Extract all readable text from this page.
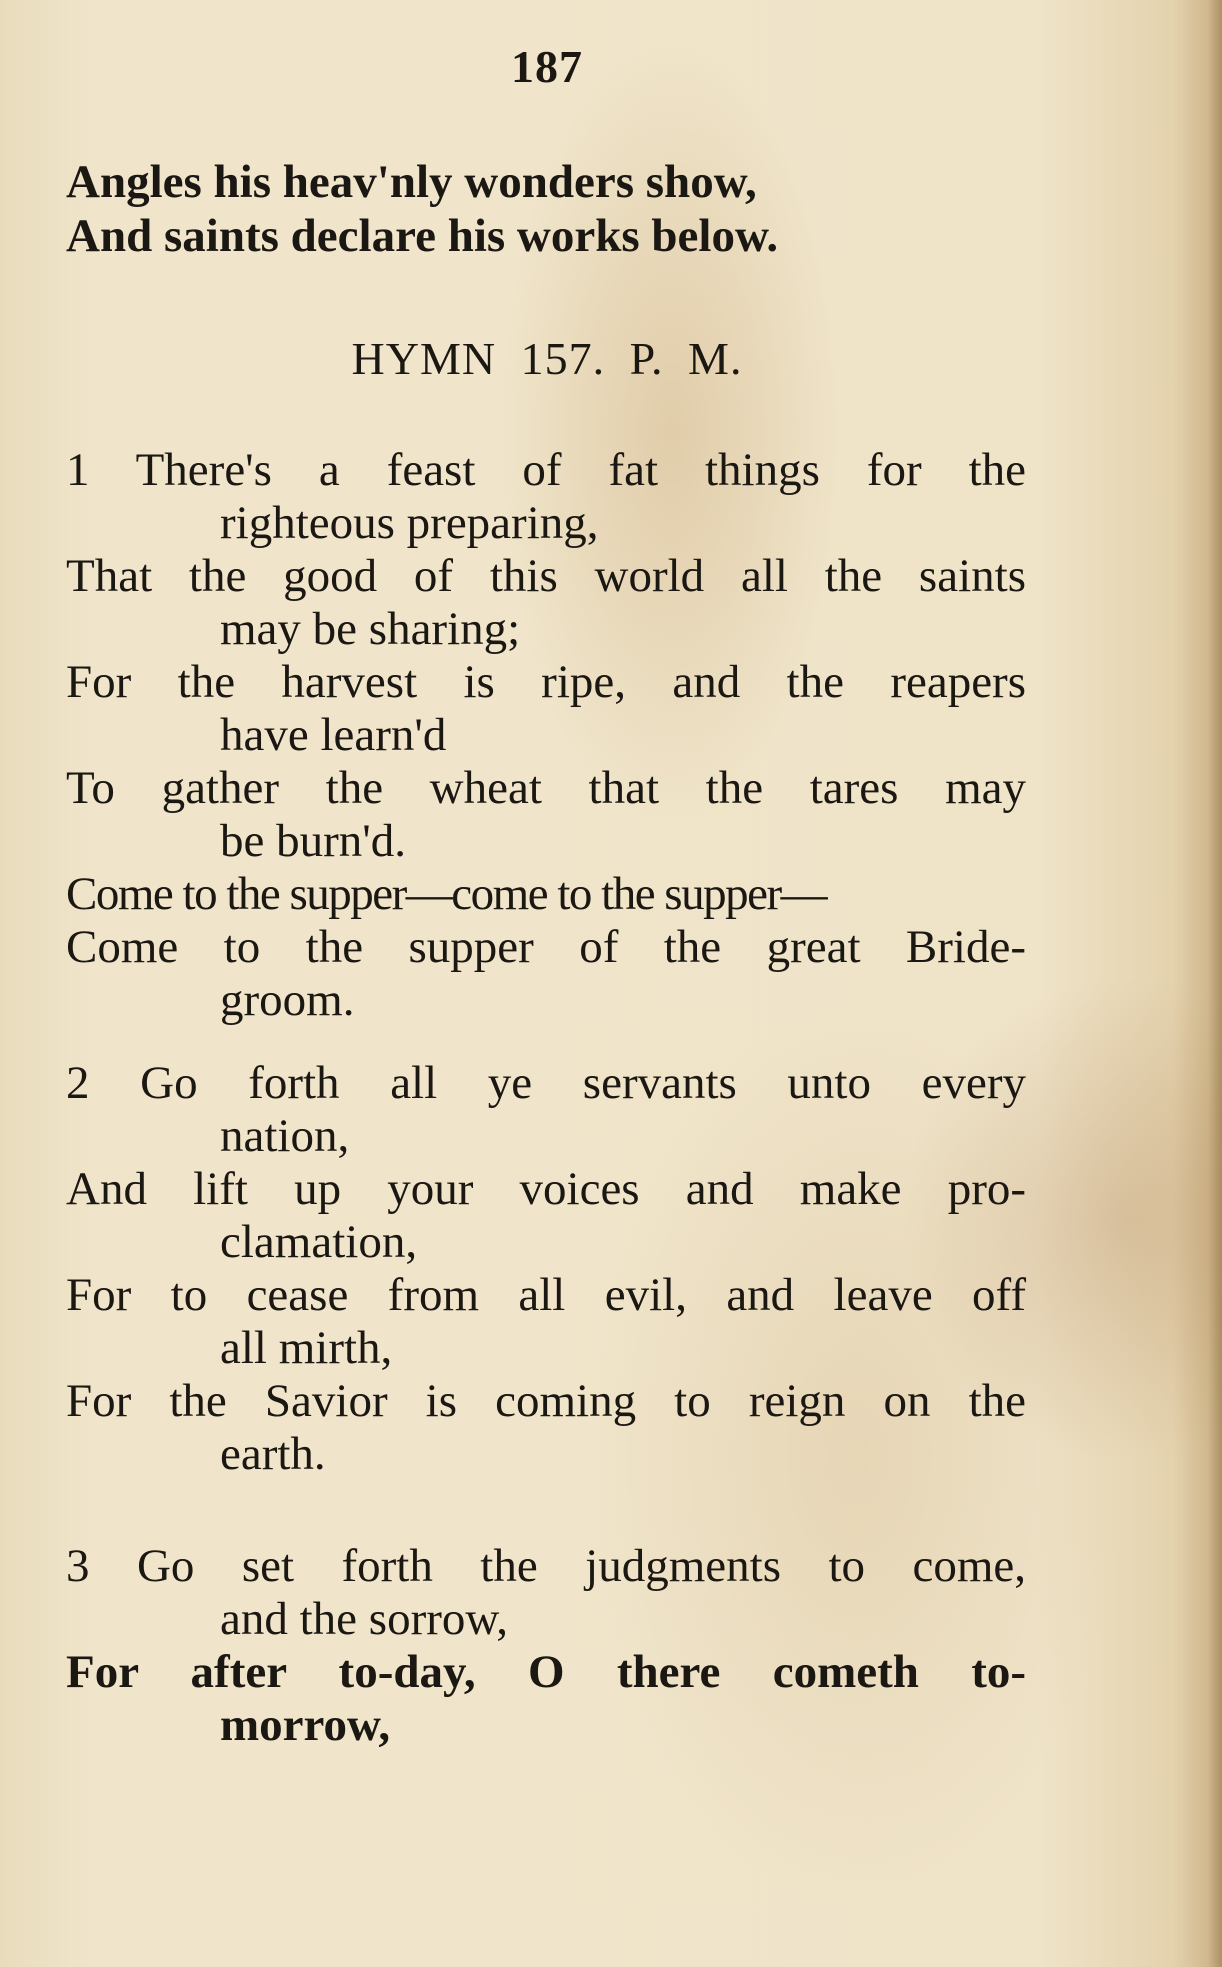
187
Angles his heav'nly wonders show,
And saints declare his works below.
HYMN 157. P. M.
1 There's a feast of fat things for the
righteous preparing,
That the good of this world all the saints
may be sharing;
For the harvest is ripe, and the reapers
have learn'd
To gather the wheat that the tares may
be burn'd.
Come to the supper—come to the supper—
Come to the supper of the great Bride-
groom.
2 Go forth all ye servants unto every
nation,
And lift up your voices and make pro-
clamation,
For to cease from all evil, and leave off
all mirth,
For the Savior is coming to reign on the
earth.
3 Go set forth the judgments to come,
and the sorrow,
For after to-day, O there cometh to-
morrow,
